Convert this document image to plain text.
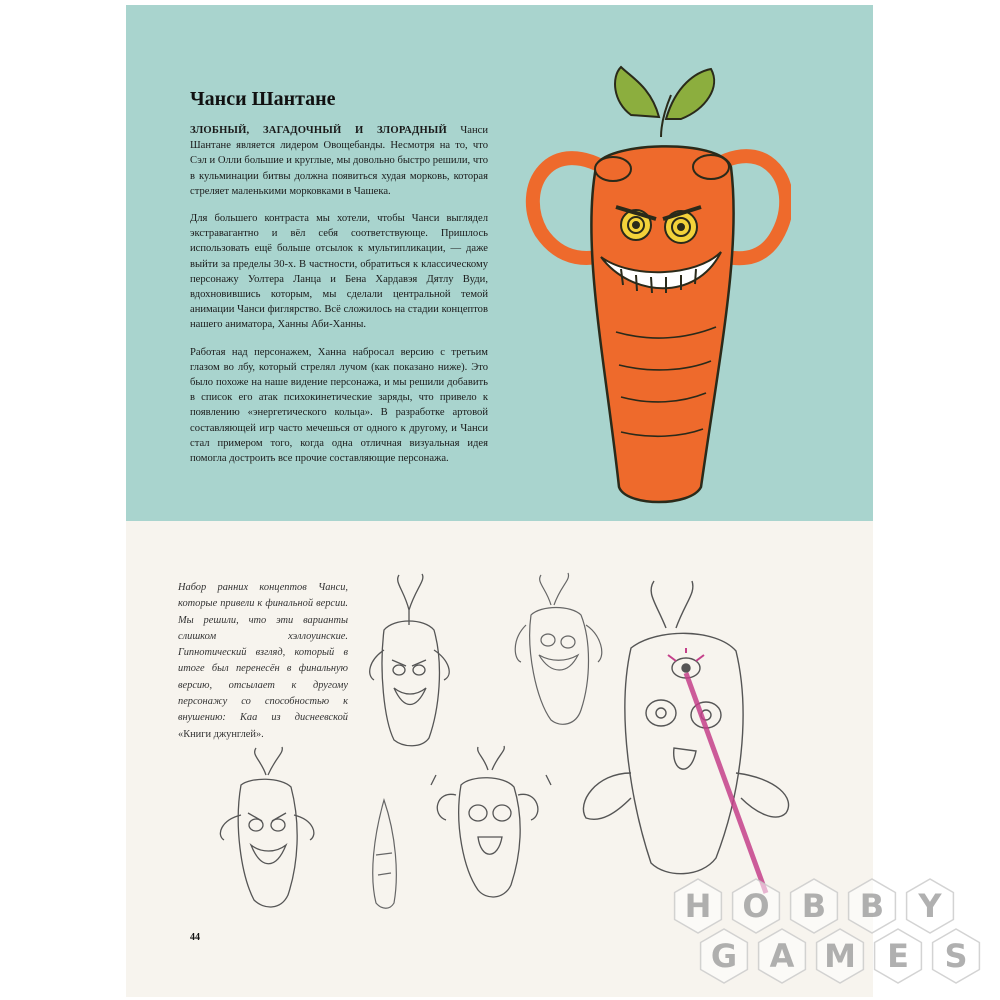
Чанси Шантане

ЗЛОБНЫЙ, ЗАГАДОЧНЫЙ И ЗЛОРАДНЫЙ Чанси Шантане является лидером Овощебанды. Несмотря на то, что Сэл и Олли большие и круглые, мы довольно быстро решили, что в кульминации битвы должна появиться худая морковь, которая стреляет маленькими морковками в Чашека.

Для большего контраста мы хотели, чтобы Чанси выглядел экстравагантно и вёл себя соответствующе. Пришлось использовать ещё больше отсылок к мультипликации, — даже выйти за пределы 30-х. В частности, обратиться к классическому персонажу Уолтера Ланца и Бена Хардавэя Дятлу Вуди, вдохновившись которым, мы сделали центральной темой анимации Чанси фиглярство. Всё сложилось на стадии концептов нашего аниматора, Ханны Аби-Ханны.

Работая над персонажем, Ханна набросал версию с третьим глазом во лбу, который стрелял лучом (как показано ниже). Это было похоже на наше видение персонажа, и мы решили добавить в список его атак психокинетические заряды, что привело к появлению «энергетического кольца». В разработке артовой составляющей игр часто мечешься от одного к другому, и Чанси стал примером того, когда одна отличная визуальная идея помогла достроить все прочие составляющие персонажа.

Набор ранних концептов Чанси, которые привели к финальной версии. Мы решили, что эти варианты слишком хэллоуинские. Гипнотический взгляд, который в итоге был перенесён в финальную версию, отсылает к другому персонажу со способностью к внушению: Каа из диснеевской «Книги джунглей».
44
H O B B Y
G A M E S
